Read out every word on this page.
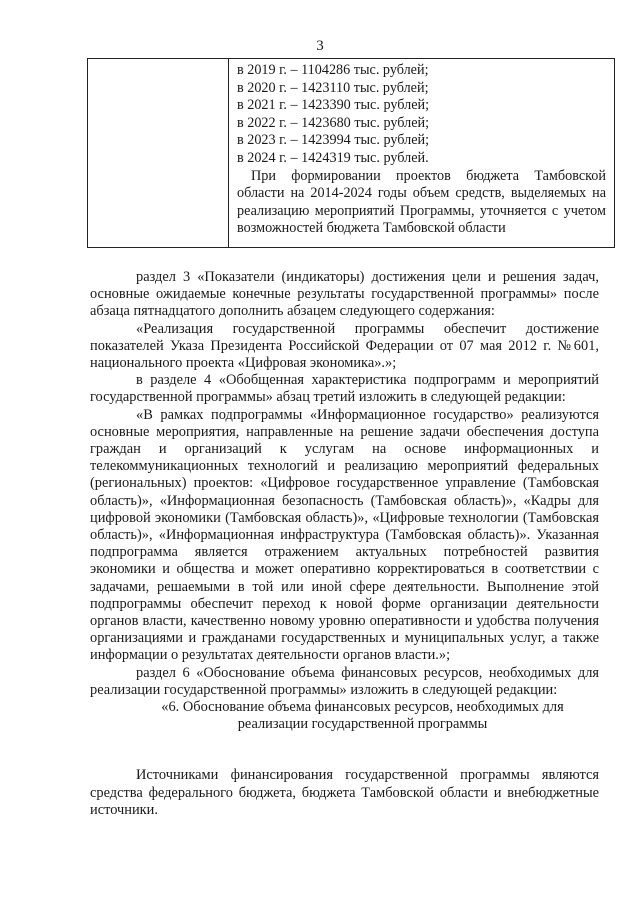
3
в 2019 г. – 1104286 тыс. рублей;
в 2020 г. – 1423110 тыс. рублей;
в 2021 г. – 1423390 тыс. рублей;
в 2022 г. – 1423680 тыс. рублей;
в 2023 г. – 1423994 тыс. рублей;
в 2024 г. – 1424319 тыс. рублей.
При формировании проектов бюджета Тамбовской области на 2014-2024 годы объем средств, выделяемых на реализацию мероприятий Программы, уточняется с учетом возможностей бюджета Тамбовской области

раздел 3 «Показатели (индикаторы) достижения цели и решения задач, основные ожидаемые конечные результаты государственной программы» после абзаца пятнадцатого дополнить абзацем следующего содержания:

«Реализация государственной программы обеспечит достижение показателей Указа Президента Российской Федерации от 07 мая 2012 г. №601, национального проекта «Цифровая экономика».»;

в разделе 4 «Обобщенная характеристика подпрограмм и мероприятий государственной программы» абзац третий изложить в следующей редакции:

«В рамках подпрограммы «Информационное государство» реализуются основные мероприятия, направленные на решение задачи обеспечения доступа граждан и организаций к услугам на основе информационных и телекоммуникационных технологий и реализацию мероприятий федеральных (региональных) проектов: «Цифровое государственное управление (Тамбовская область)», «Информационная безопасность (Тамбовская область)», «Кадры для цифровой экономики (Тамбовская область)», «Цифровые технологии (Тамбовская область)», «Информационная инфраструктура (Тамбовская область)». Указанная подпрограмма является отражением актуальных потребностей развития экономики и общества и может оперативно корректироваться в соответствии с задачами, решаемыми в той или иной сфере деятельности. Выполнение этой подпрограммы обеспечит переход к новой форме организации деятельности органов власти, качественно новому уровню оперативности и удобства получения организациями и гражданами государственных и муниципальных услуг, а также информации о результатах деятельности органов власти.»;

раздел 6 «Обоснование объема финансовых ресурсов, необходимых для реализации государственной программы» изложить в следующей редакции:

«6. Обоснование объема финансовых ресурсов, необходимых для реализации государственной программы

Источниками финансирования государственной программы являются средства федерального бюджета, бюджета Тамбовской области и внебюджетные источники.
